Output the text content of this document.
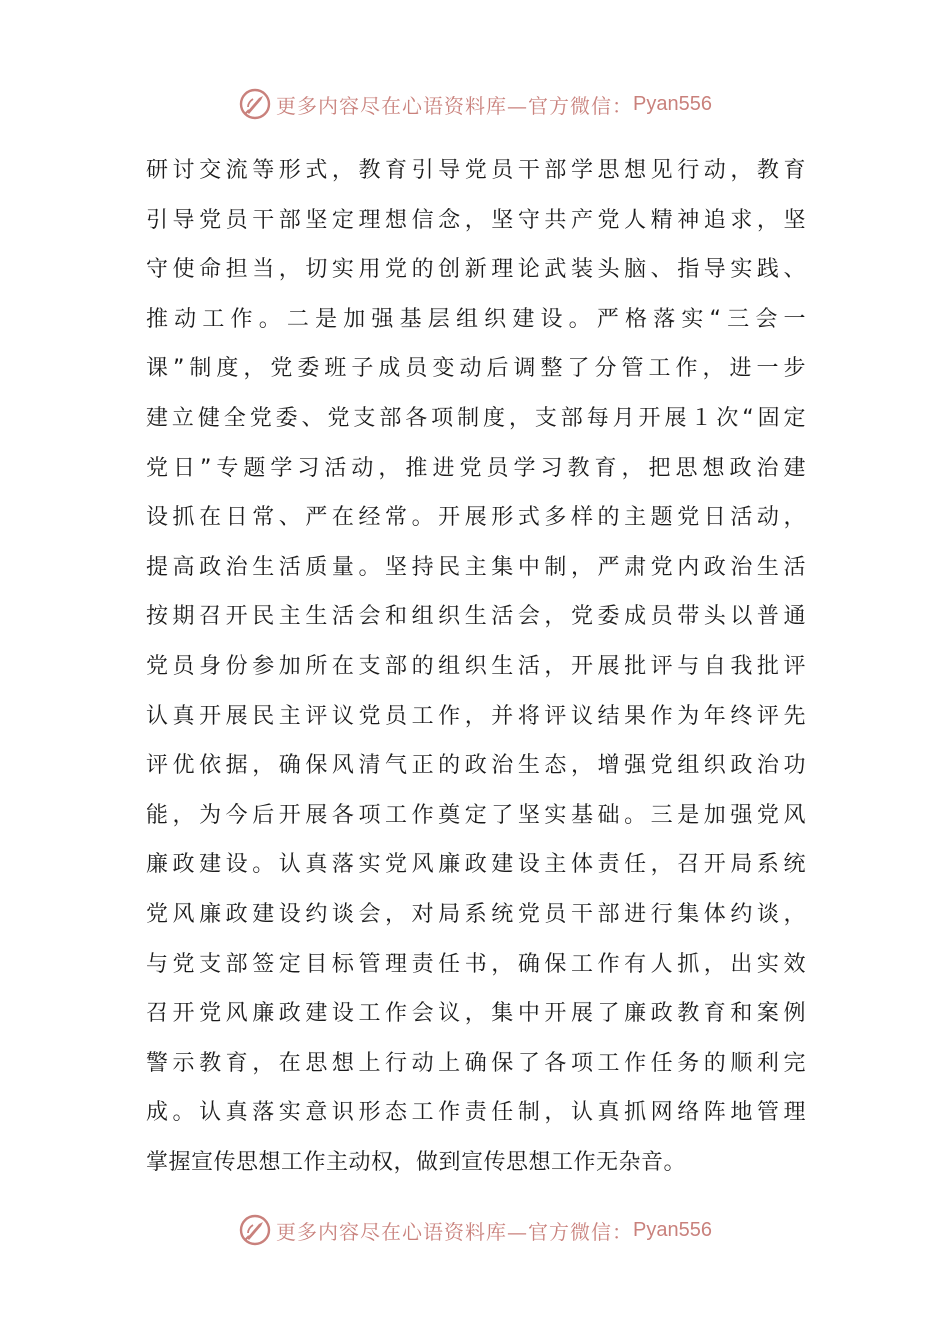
更多内容尽在心语资料库—官方微信： Pyan556
研讨交流等形式，教育引导党员干部学思想见行动，教育
引导党员干部坚定理想信念，坚守共产党人精神追求，坚
守使命担当，切实用党的创新理论武装头脑、指导实践、
推动工作。二是加强基层组织建设。严格落实“三会一
课”制度，党委班子成员变动后调整了分管工作，进一步
建立健全党委、党支部各项制度，支部每月开展１次“固定
党日”专题学习活动，推进党员学习教育，把思想政治建
设抓在日常、严在经常。开展形式多样的主题党日活动，
提高政治生活质量。坚持民主集中制，严肃党内政治生活
按期召开民主生活会和组织生活会，党委成员带头以普通
党员身份参加所在支部的组织生活，开展批评与自我批评
认真开展民主评议党员工作，并将评议结果作为年终评先
评优依据，确保风清气正的政治生态，增强党组织政治功
能，为今后开展各项工作奠定了坚实基础。三是加强党风
廉政建设。认真落实党风廉政建设主体责任，召开局系统
党风廉政建设约谈会，对局系统党员干部进行集体约谈，
与党支部签定目标管理责任书，确保工作有人抓，出实效
召开党风廉政建设工作会议，集中开展了廉政教育和案例
警示教育，在思想上行动上确保了各项工作任务的顺利完
成。认真落实意识形态工作责任制，认真抓网络阵地管理
掌握宣传思想工作主动权，做到宣传思想工作无杂音。
更多内容尽在心语资料库—官方微信： Pyan556
